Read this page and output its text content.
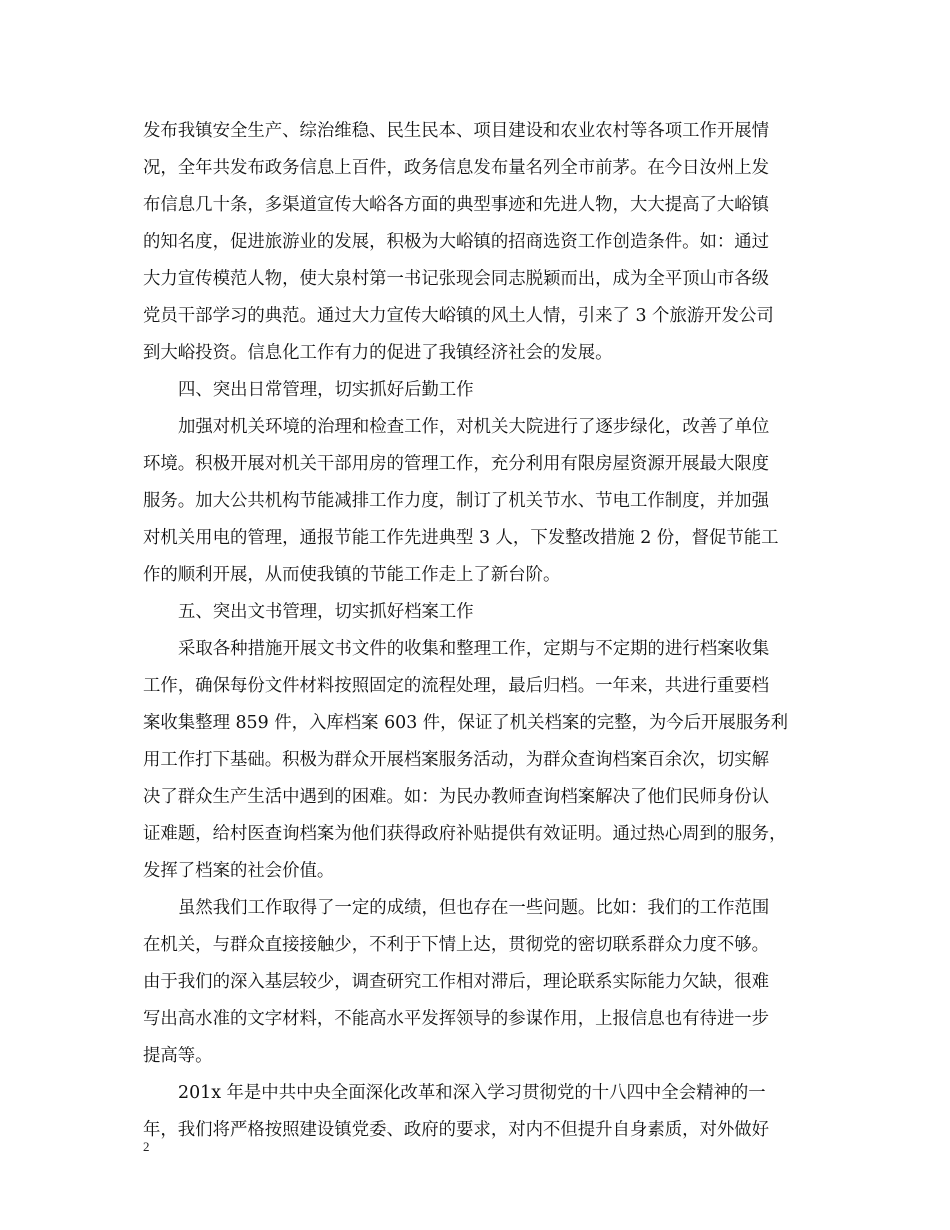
发布我镇安全生产、综治维稳、民生民本、项目建设和农业农村等各项工作开展情
况，全年共发布政务信息上百件，政务信息发布量名列全市前茅。在今日汝州上发
布信息几十条，多渠道宣传大峪各方面的典型事迹和先进人物，大大提高了大峪镇
的知名度，促进旅游业的发展，积极为大峪镇的招商选资工作创造条件。如：通过
大力宣传模范人物，使大泉村第一书记张现会同志脱颖而出，成为全平顶山市各级
党员干部学习的典范。通过大力宣传大峪镇的风土人情，引来了 3 个旅游开发公司
到大峪投资。信息化工作有力的促进了我镇经济社会的发展。
四、突出日常管理，切实抓好后勤工作
加强对机关环境的治理和检查工作，对机关大院进行了逐步绿化，改善了单位
环境。积极开展对机关干部用房的管理工作，充分利用有限房屋资源开展最大限度
服务。加大公共机构节能减排工作力度，制订了机关节水、节电工作制度，并加强
对机关用电的管理，通报节能工作先进典型 3 人，下发整改措施 2 份，督促节能工
作的顺利开展，从而使我镇的节能工作走上了新台阶。
五、突出文书管理，切实抓好档案工作
采取各种措施开展文书文件的收集和整理工作，定期与不定期的进行档案收集
工作，确保每份文件材料按照固定的流程处理，最后归档。一年来，共进行重要档
案收集整理 859 件，入库档案 603 件，保证了机关档案的完整，为今后开展服务利
用工作打下基础。积极为群众开展档案服务活动，为群众查询档案百余次，切实解
决了群众生产生活中遇到的困难。如：为民办教师查询档案解决了他们民师身份认
证难题，给村医查询档案为他们获得政府补贴提供有效证明。通过热心周到的服务，
发挥了档案的社会价值。
虽然我们工作取得了一定的成绩，但也存在一些问题。比如：我们的工作范围
在机关，与群众直接接触少，不利于下情上达，贯彻党的密切联系群众力度不够。
由于我们的深入基层较少，调查研究工作相对滞后，理论联系实际能力欠缺，很难
写出高水准的文字材料，不能高水平发挥领导的参谋作用，上报信息也有待进一步
提高等。
201x 年是中共中央全面深化改革和深入学习贯彻党的十八四中全会精神的一
年，我们将严格按照建设镇党委、政府的要求，对内不但提升自身素质，对外做好
2
